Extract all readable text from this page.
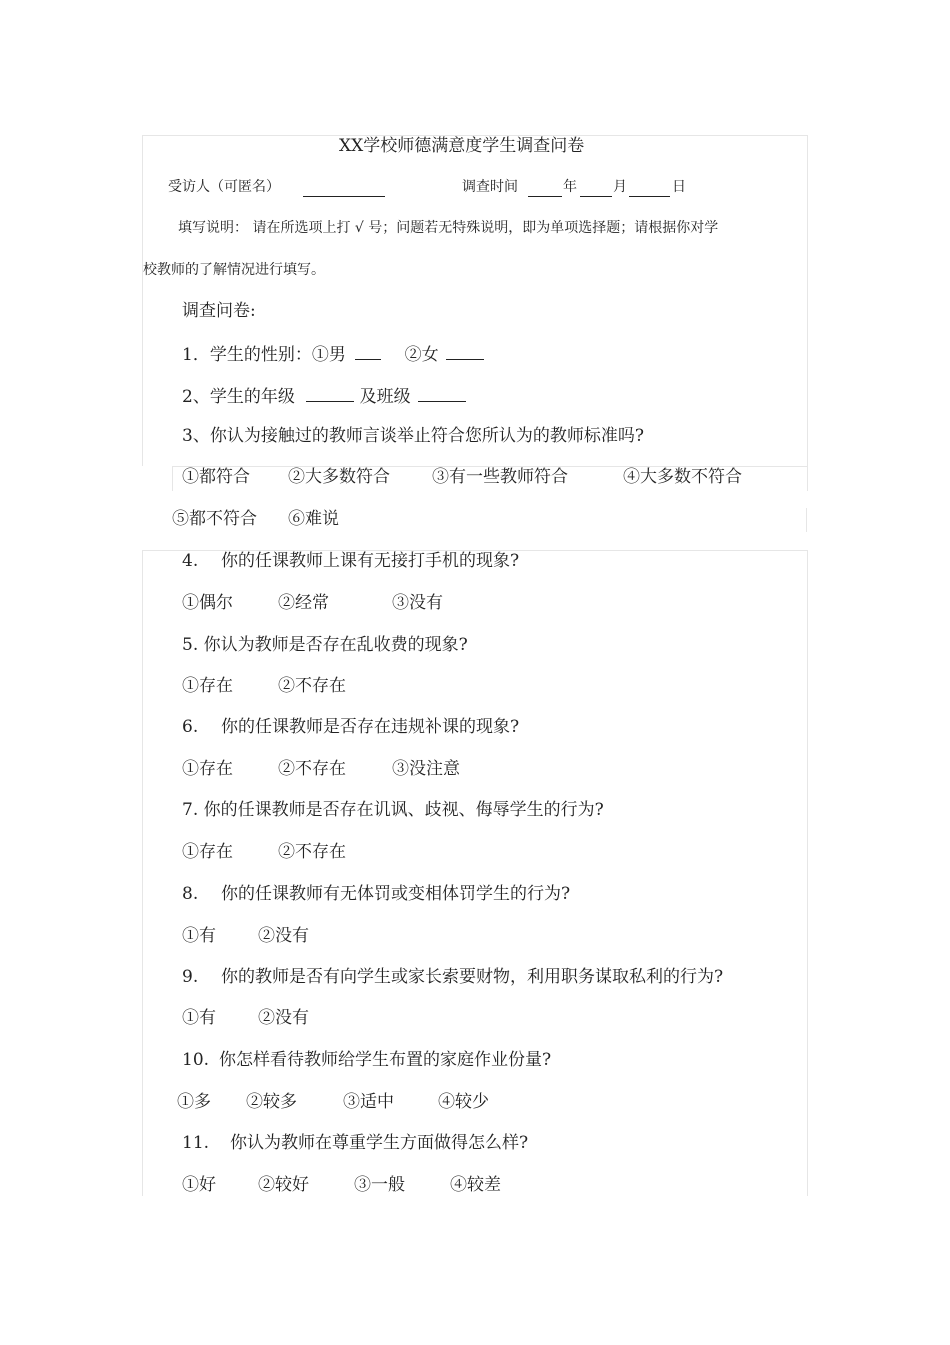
XX学校师德满意度学生调查问卷
受访人（可匿名）	调查时间	年	月	日
填写说明： 请在所选项上打 √ 号；问题若无特殊说明，即为单项选择题；请根据你对学
校教师的了解情况进行填写。
调查问卷:
1．学生的性别：①男	②女
2、学生的年级	及班级
3、你认为接触过的教师言谈举止符合您所认为的教师标准吗?
①都符合 ②大多数符合 ③有一些教师符合	④大多数不符合
⑤都不符合 ⑥难说
4. 你的任课教师上课有无接打手机的现象?
①偶尔	②经常	③没有
5. 你认为教师是否存在乱收费的现象?
①存在	②不存在
6. 你的任课教师是否存在违规补课的现象?
①存在	②不存在	③没注意
7. 你的任课教师是否存在讥讽、歧视、侮辱学生的行为?
①存在	②不存在
8. 你的任课教师有无体罚或变相体罚学生的行为?
①有 ②没有
9. 你的教师是否有向学生或家长索要财物，利用职务谋取私利的行为?
①有 ②没有
10. 你怎样看待教师给学生布置的家庭作业份量?
①多 ②较多	③适中	④较少
11. 你认为教师在尊重学生方面做得怎么样?
①好 ②较好	③一般	④较差
